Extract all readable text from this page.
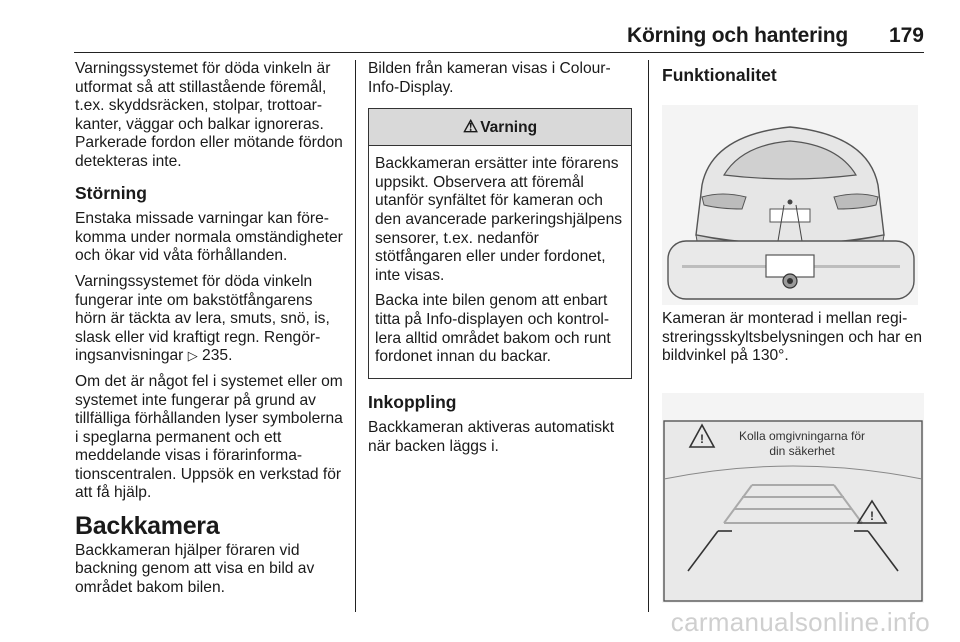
Körning och hantering 179

Varningssystemet för döda vinkeln är utformat så att stillastående föremål, t.ex. skyddsräcken, stolpar, trottoarkanter, väggar och balkar ignoreras. Parkerade fordon eller mötande fördon detekteras inte.

Störning

Enstaka missade varningar kan förekomma under normala omständigheter och ökar vid våta förhållanden.

Varningssystemet för döda vinkeln fungerar inte om bakstötfångarens hörn är täckta av lera, smuts, snö, is, slask eller vid kraftigt regn. Rengöringsanvisningar ▷ 235.

Om det är något fel i systemet eller om systemet inte fungerar på grund av tillfälliga förhållanden lyser symbolerna i speglarna permanent och ett meddelande visas i förarinformationscentralen. Uppsök en verkstad för att få hjälp.

Backkamera

Backkameran hjälper föraren vid backning genom att visa en bild av området bakom bilen.

Bilden från kameran visas i Colour-Info-Display.

⚠ Varning

Backkameran ersätter inte förarens uppsikt. Observera att föremål utanför synfältet för kameran och den avancerade parkeringshjälpens sensorer, t.ex. nedanför stötfångaren eller under fordonet, inte visas.

Backa inte bilen genom att enbart titta på Info-displayen och kontrollera alltid området bakom och runt fordonet innan du backar.

Inkoppling

Backkameran aktiveras automatiskt när backen läggs i.

Funktionalitet

Kameran är monterad i mellan registreringsskyltsbelysningen och har en bildvinkel på 130°.

!	Kolla omgivningarna för
din säkerhet
!
carmanualsonline.info
